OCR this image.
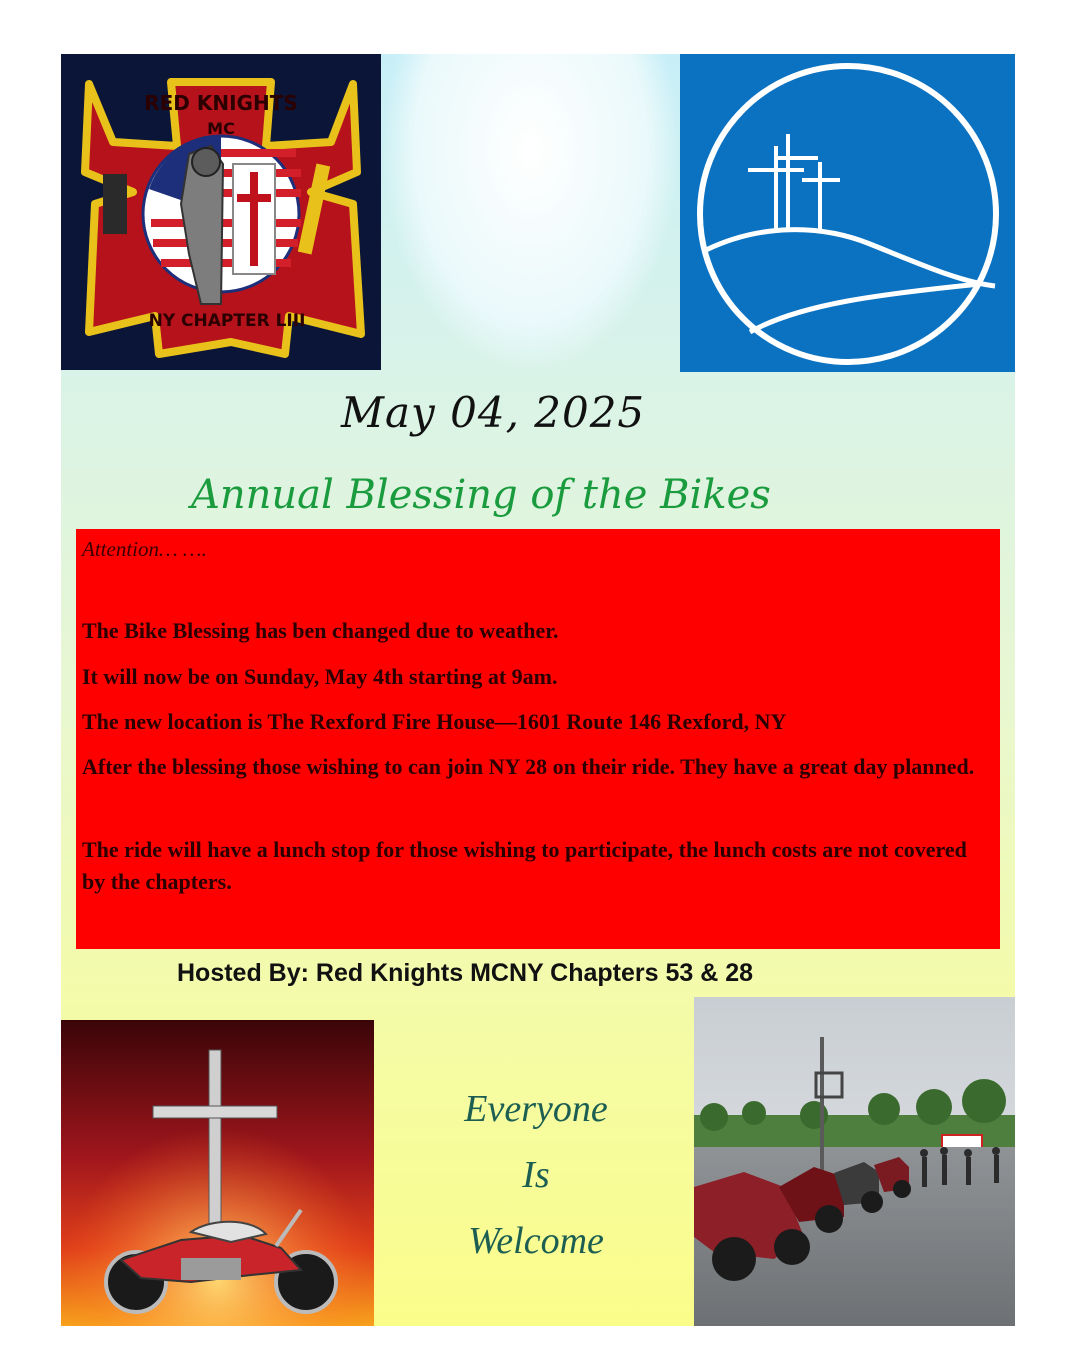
RED KNIGHTS
MC
NY CHAPTER LIII
May 04, 2025
Annual Blessing of the Bikes
Attention… ….
The Bike Blessing has ben changed due to weather.
It will now be on Sunday, May 4th starting at 9am.
The new location is The Rexford Fire House—1601 Route 146 Rexford, NY
After the blessing those wishing to can join NY 28 on their ride. They have a great day planned.
The ride will have a lunch stop for those wishing to participate, the lunch costs are not covered by the chapters.
Hosted By: Red Knights MCNY Chapters 53 & 28
Everyone
Is
Welcome
